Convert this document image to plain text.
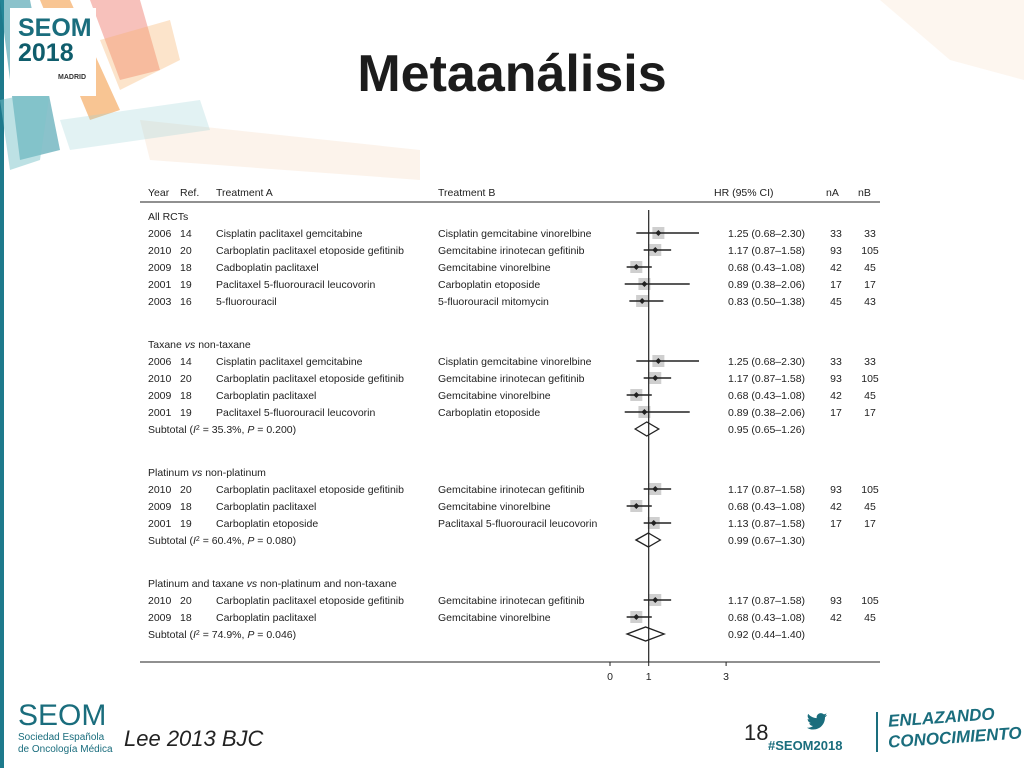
SEOM
2018
MADRID	Metaanálisis
Year Ref. Treatment A	Treatment B	HR (95% CI)	nA nB
All RCTs
2006 14 Cisplatin paclitaxel gemcitabine	Cisplatin gemcitabine vinorelbine	1.25 (0.68–2.30) 33 33
2010 20 Carboplatin paclitaxel etoposide gefitinib	Gemcitabine irinotecan gefitinib	1.17 (0.87–1.58) 93 105
2009 18 Cadboplatin paclitaxel	Gemcitabine vinorelbine	0.68 (0.43–1.08) 42 45
2001 19 Paclitaxel 5-fluorouracil leucovorin	Carboplatin etoposide	0.89 (0.38–2.06) 17 17
2003 16 5-fluorouracil	5-fluorouracil mitomycin	0.83 (0.50–1.38) 45 43
Taxane vs non-taxane
2006 14 Cisplatin paclitaxel gemcitabine	Cisplatin gemcitabine vinorelbine	1.25 (0.68–2.30) 33 33
2010 20 Carboplatin paclitaxel etoposide gefitinib	Gemcitabine irinotecan gefitinib	1.17 (0.87–1.58) 93 105
2009 18 Carboplatin paclitaxel	Gemcitabine vinorelbine	0.68 (0.43–1.08) 42 45
2001 19 Paclitaxel 5-fluorouracil leucovorin	Carboplatin etoposide	0.89 (0.38–2.06) 17 17
Subtotal ($I^2 = 35.3\%$, P = 0.200)	0.95 (0.65–1.26)
Platinum vs non-platinum
2010 20 Carboplatin paclitaxel etoposide gefitinib	Gemcitabine irinotecan gefitinib	1.17 (0.87–1.58) 93 105
2009 18 Carboplatin paclitaxel	Gemcitabine vinorelbine	0.68 (0.43–1.08) 42 45
2001 19 Carboplatin etoposide	Paclitaxal 5-fluorouracil leucovorin	1.13 (0.87–1.58) 17 17
Subtotal ($I^2 = 60.4\%$, P = 0.080)	0.99 (0.67–1.30)
Platinum and taxane vs non-platinum and non-taxane
2010 20 Carboplatin paclitaxel etoposide gefitinib	Gemcitabine irinotecan gefitinib	1.17 (0.87–1.58) 93 105
2009 18 Carboplatin paclitaxel	Gemcitabine vinorelbine	0.68 (0.43–1.08) 42 45
Subtotal ($I^2 = 74.9\%$, P = 0.046)	0.92 (0.44–1.40)
0	1	3
SEOM
Sociedad Española
de Oncología Médica Lee 2013 BJC	18
#SEOM2018
ENLAZANDO
CONOCIMIENTO
